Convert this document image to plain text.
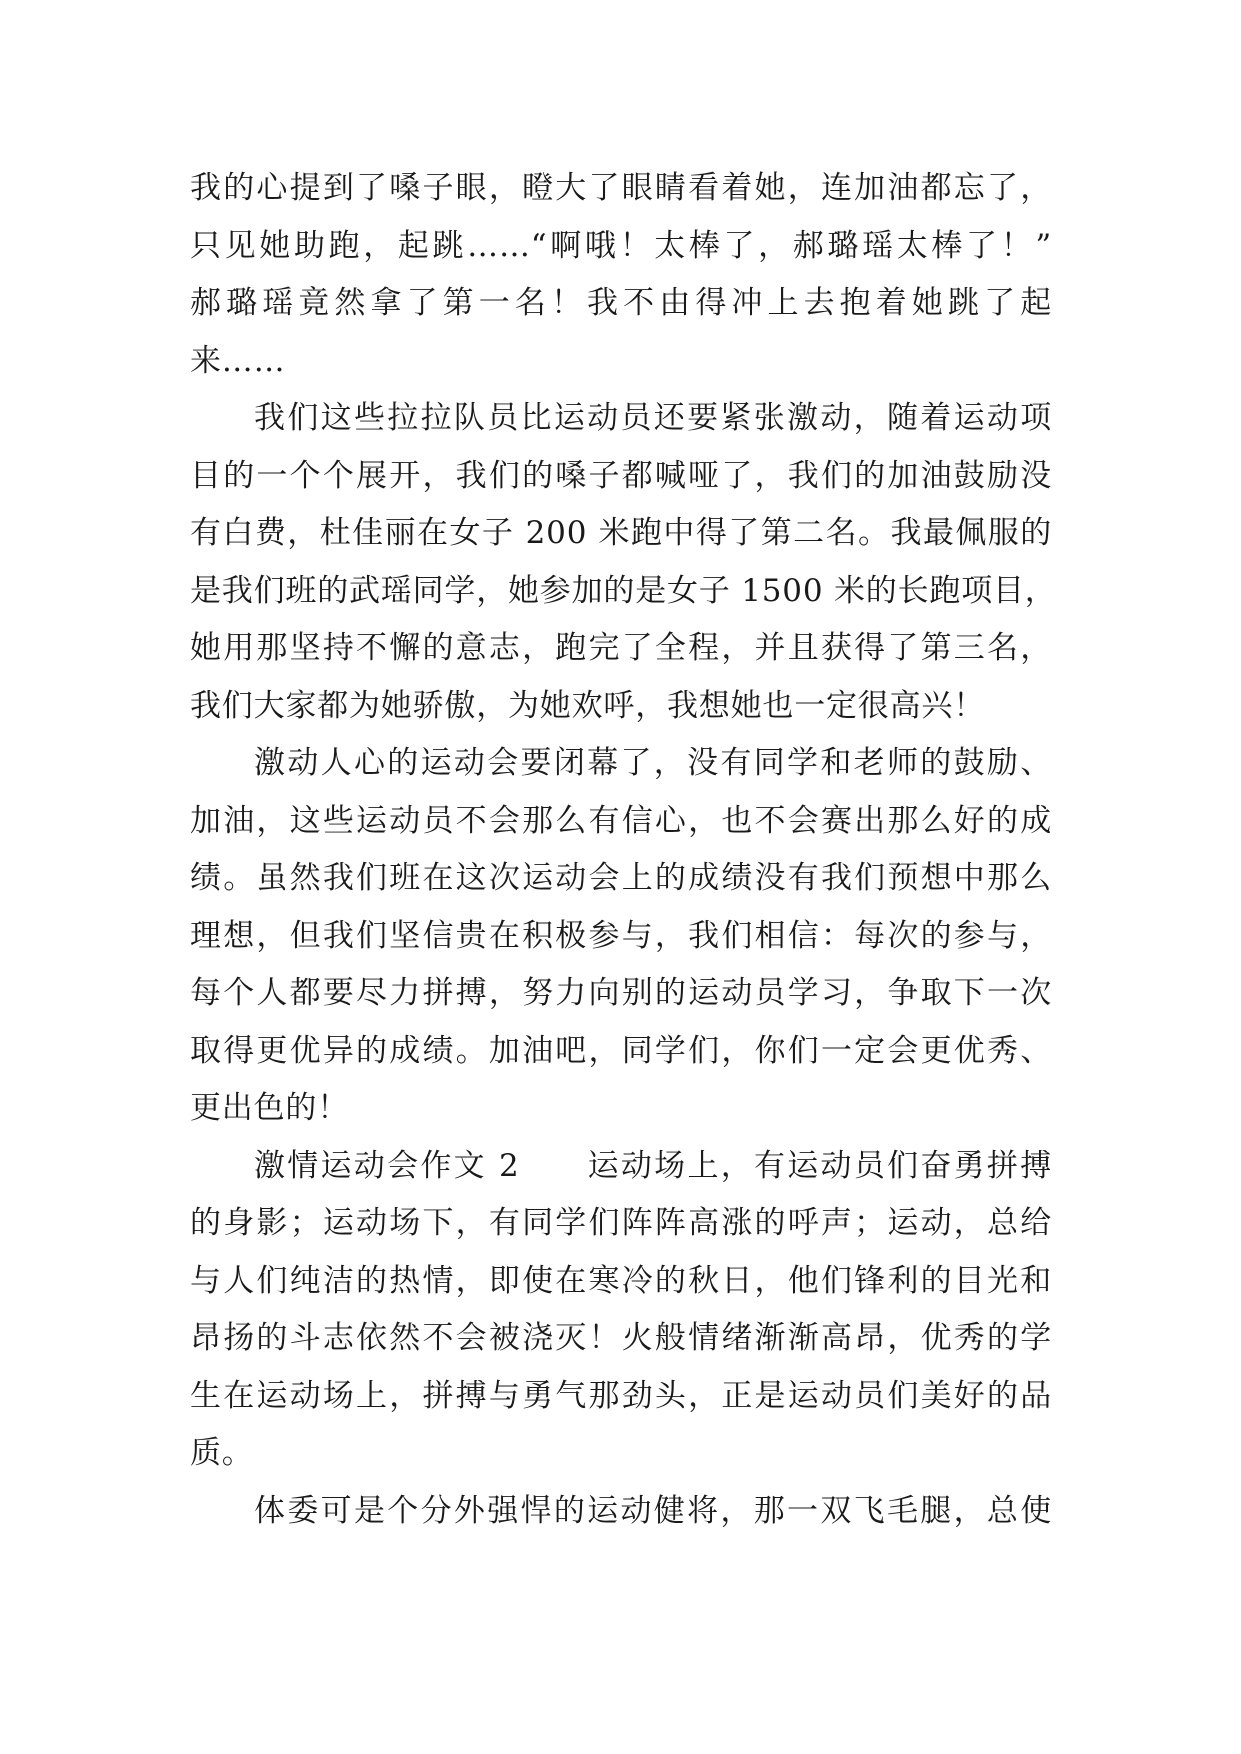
我的心提到了嗓子眼，瞪大了眼睛看着她，连加油都忘了，
只见她助跑，起跳……“啊哦！太棒了，郝璐瑶太棒了！”
郝璐瑶竟然拿了第一名！我不由得冲上去抱着她跳了起
来……
我们这些拉拉队员比运动员还要紧张激动，随着运动项
目的一个个展开，我们的嗓子都喊哑了，我们的加油鼓励没
有白费，杜佳丽在女子 200 米跑中得了第二名。我最佩服的
是我们班的武瑶同学，她参加的是女子 1500 米的长跑项目，
她用那坚持不懈的意志，跑完了全程，并且获得了第三名，
我们大家都为她骄傲，为她欢呼，我想她也一定很高兴！
激动人心的运动会要闭幕了，没有同学和老师的鼓励、
加油，这些运动员不会那么有信心，也不会赛出那么好的成
绩。虽然我们班在这次运动会上的成绩没有我们预想中那么
理想，但我们坚信贵在积极参与，我们相信：每次的参与，
每个人都要尽力拼搏，努力向别的运动员学习，争取下一次
取得更优异的成绩。加油吧，同学们，你们一定会更优秀、
更出色的！
激情运动会作文 2　　运动场上，有运动员们奋勇拼搏
的身影；运动场下，有同学们阵阵高涨的呼声；运动，总给
与人们纯洁的热情，即使在寒冷的秋日，他们锋利的目光和
昂扬的斗志依然不会被浇灭！火般情绪渐渐高昂，优秀的学
生在运动场上，拼搏与勇气那劲头，正是运动员们美好的品
质。
体委可是个分外强悍的运动健将，那一双飞毛腿，总使
